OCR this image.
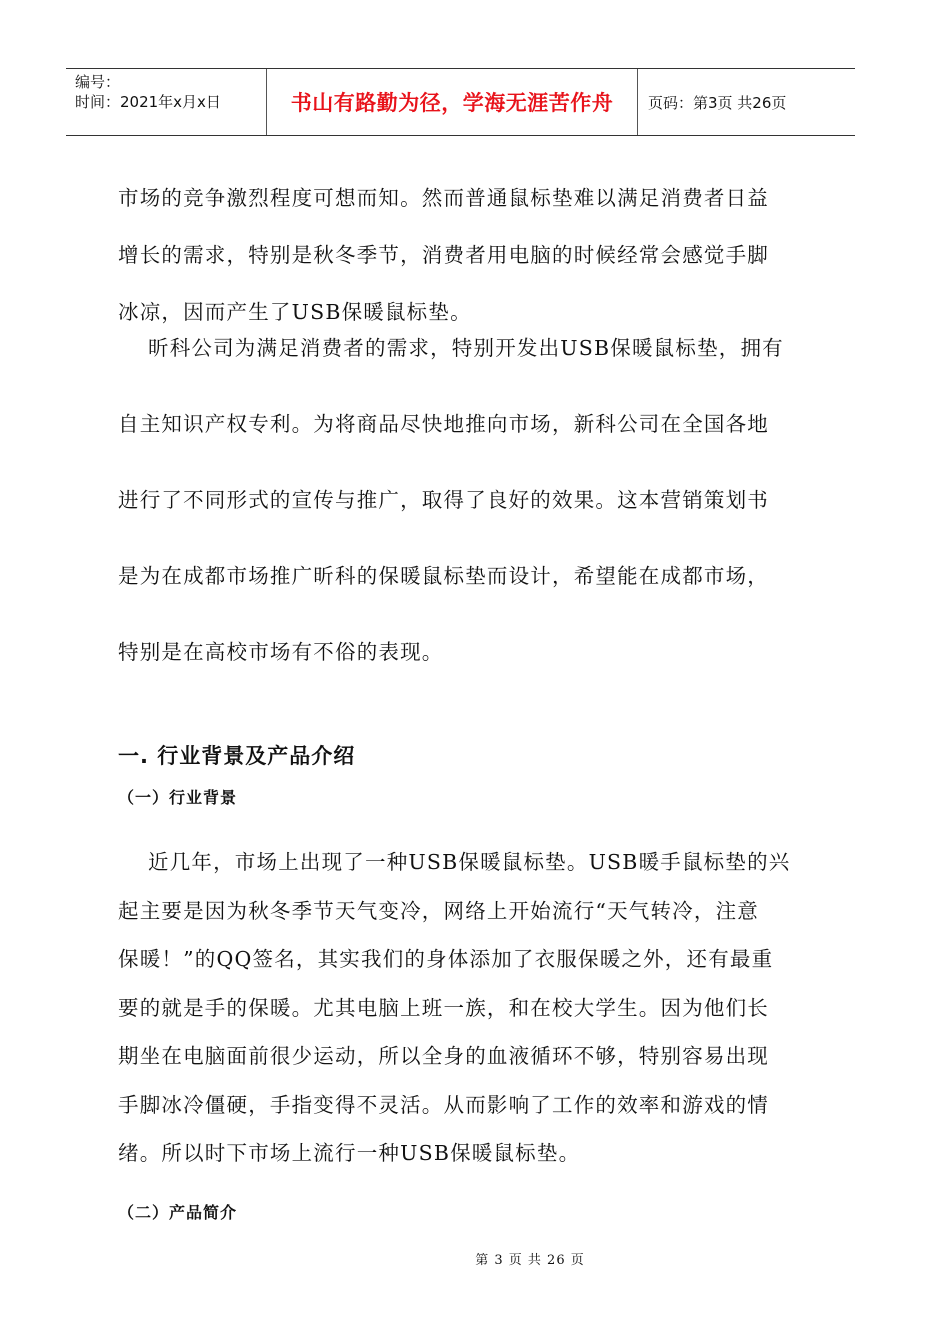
编号：
时间：2021年x月x日	书山有路勤为径，学海无涯苦作舟	页码：第3页 共26页

市场的竞争激烈程度可想而知。然而普通鼠标垫难以满足消费者日益
增长的需求，特别是秋冬季节，消费者用电脑的时候经常会感觉手脚
冰凉，因而产生了USB保暖鼠标垫。

昕科公司为满足消费者的需求，特别开发出USB保暖鼠标垫，拥有
自主知识产权专利。为将商品尽快地推向市场，新科公司在全国各地
进行了不同形式的宣传与推广，取得了良好的效果。这本营销策划书
是为在成都市场推广昕科的保暖鼠标垫而设计，希望能在成都市场，
特别是在高校市场有不俗的表现。

一. 行业背景及产品介绍
（一）行业背景

近几年，市场上出现了一种USB保暖鼠标垫。USB暖手鼠标垫的兴
起主要是因为秋冬季节天气变冷，网络上开始流行“天气转冷，注意
保暖！”的QQ签名，其实我们的身体添加了衣服保暖之外，还有最重
要的就是手的保暖。尤其电脑上班一族，和在校大学生。因为他们长
期坐在电脑面前很少运动，所以全身的血液循环不够，特别容易出现
手脚冰冷僵硬，手指变得不灵活。从而影响了工作的效率和游戏的情
绪。所以时下市场上流行一种USB保暖鼠标垫。

（二）产品简介
第 3 页 共 26 页
